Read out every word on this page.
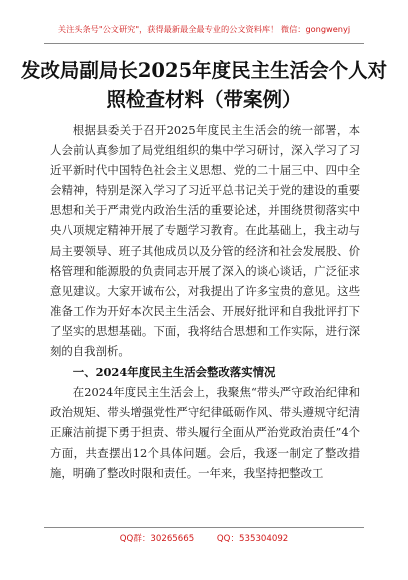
关注头条号"公文研究"，获得最新最全最专业的公文资料库！ 微信：gongwenyj
发改局副局长2025年度民主生活会个人对照检查材料（带案例）

根据县委关于召开2025年度民主生活会的统一部署，本人会前认真参加了局党组组织的集中学习研讨，深入学习了习近平新时代中国特色社会主义思想、党的二十届三中、四中全会精神，特别是深入学习了习近平总书记关于党的建设的重要思想和关于严肃党内政治生活的重要论述，并围绕贯彻落实中央八项规定精神开展了专题学习教育。在此基础上，我主动与局主要领导、班子其他成员以及分管的经济和社会发展股、价格管理和能源股的负责同志开展了深入的谈心谈话，广泛征求意见建议。大家开诚布公，对我提出了许多宝贵的意见。这些准备工作为开好本次民主生活会、开展好批评和自我批评打下了坚实的思想基础。下面，我将结合思想和工作实际，进行深刻的自我剖析。

一、2024年度民主生活会整改落实情况

在2024年度民主生活会上，我聚焦“带头严守政治纪律和政治规矩、带头增强党性严守纪律砥砺作风、带头遵规守纪清正廉洁前提下勇于担责、带头履行全面从严治党政治责任”4个方面，共查摆出12个具体问题。会后，我逐一制定了整改措施，明确了整改时限和责任。一年来，我坚持把整改工

QQ群：30265665	QQ：535304092
